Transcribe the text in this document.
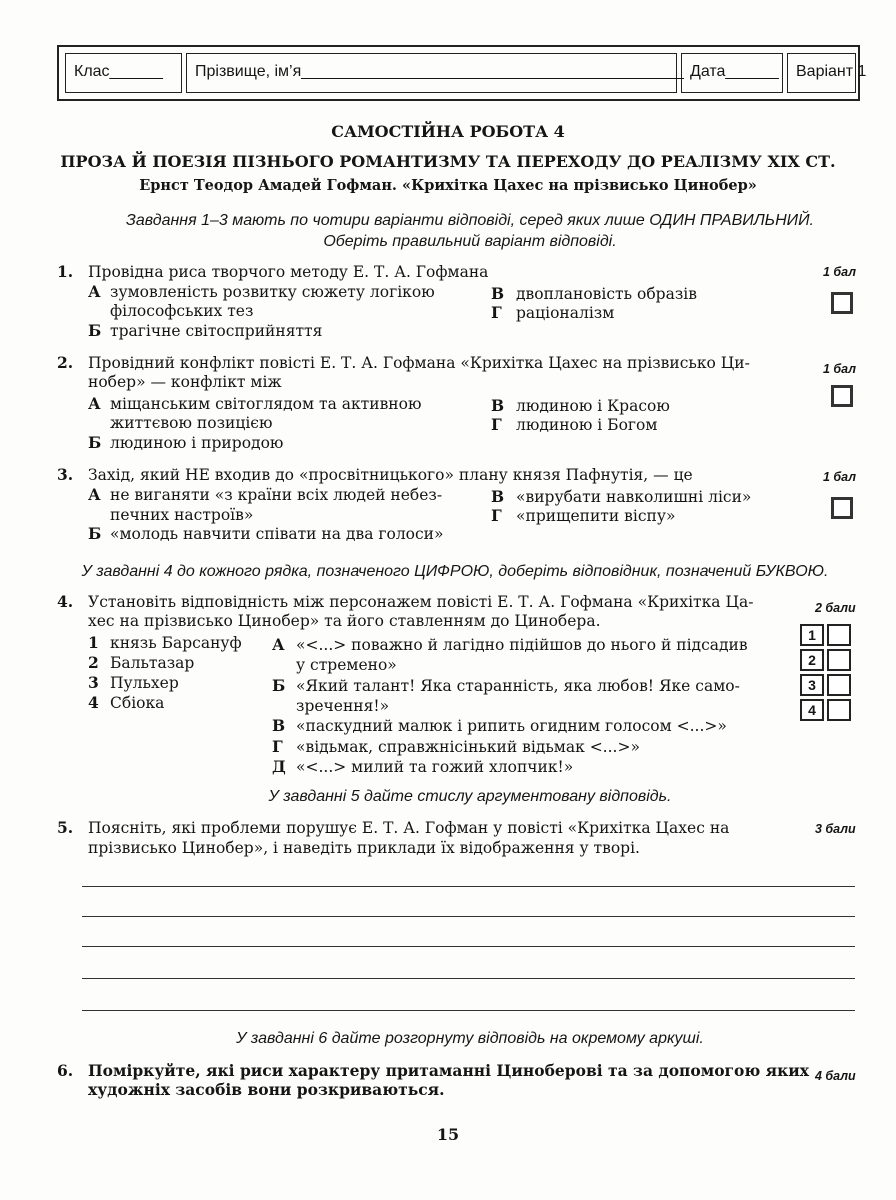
Клас______	Прізвище, ім’я___________________________________________ Дата______	Варіант 1
САМОСТІЙНА РОБОТА 4
ПРОЗА Й ПОЕЗІЯ ПІЗНЬОГО РОМАНТИЗМУ ТА ПЕРЕХОДУ ДО РЕАЛІЗМУ XIX СТ.
Ернст Теодор Амадей Гофман. «Крихітка Цахес на прізвисько Цинобер»
Завдання 1–3 мають по чотири варіанти відповіді, серед яких лише ОДИН ПРАВИЛЬНИЙ.
Оберіть правильний варіант відповіді.
1. Провідна риса творчого методу Е. Т. А. Гофмана	1 бал
А зумовленість розвитку сюжету логікою
філософських тез
Б трагічне світосприйняття
В двоплановість образів
Г раціоналізм
2. Провідний конфлікт повісті Е. Т. А. Гофмана «Крихітка Цахес на прізвисько Ци-
нобер» — конфлікт між
1 бал
А міщанським світоглядом та активною
життєвою позицією
Б людиною і природою
В людиною і Красою
Г людиною і Богом
3. Захід, який НЕ входив до «просвітницького» плану князя Пафнутія, — це	1 бал
А не виганяти «з країни всіх людей небез-
печних настроїв»
Б «молодь навчити співати на два голоси»
В «вирубати навколишні ліси»
Г «прищепити віспу»
У завданні 4 до кожного рядка, позначеного ЦИФРОЮ, доберіть відповідник, позначений БУКВОЮ.
4. Установіть відповідність між персонажем повісті Е. Т. А. Гофмана «Крихітка Ца-
хес на прізвисько Цинобер» та його ставленням до Цинобера.
2 бали
1 князь Барсануф
2 Бальтазар
3 Пульхер
4 Сбіока
А «<...> поважно й лагідно підійшов до нього й підсадив
у стремено»
Б «Який талант! Яка старанність, яка любов! Яке само-
зречення!»
В «паскудний малюк і рипить огидним голосом <...>»
Г «відьмак, справжнісінький відьмак <...>»
Д «<...> милий та гожий хлопчик!»
1
2
3
4
У завданні 5 дайте стислу аргументовану відповідь.
5. Поясніть, які проблеми порушує Е. Т. А. Гофман у повісті «Крихітка Цахес на
прізвисько Цинобер», і наведіть приклади їх відображення у творі.
3 бали
У завданні 6 дайте розгорнуту відповідь на окремому аркуші.
6. Поміркуйте, які риси характеру притаманні Циноберові та за допомогою яких
художніх засобів вони розкриваються.
4 бали
15
